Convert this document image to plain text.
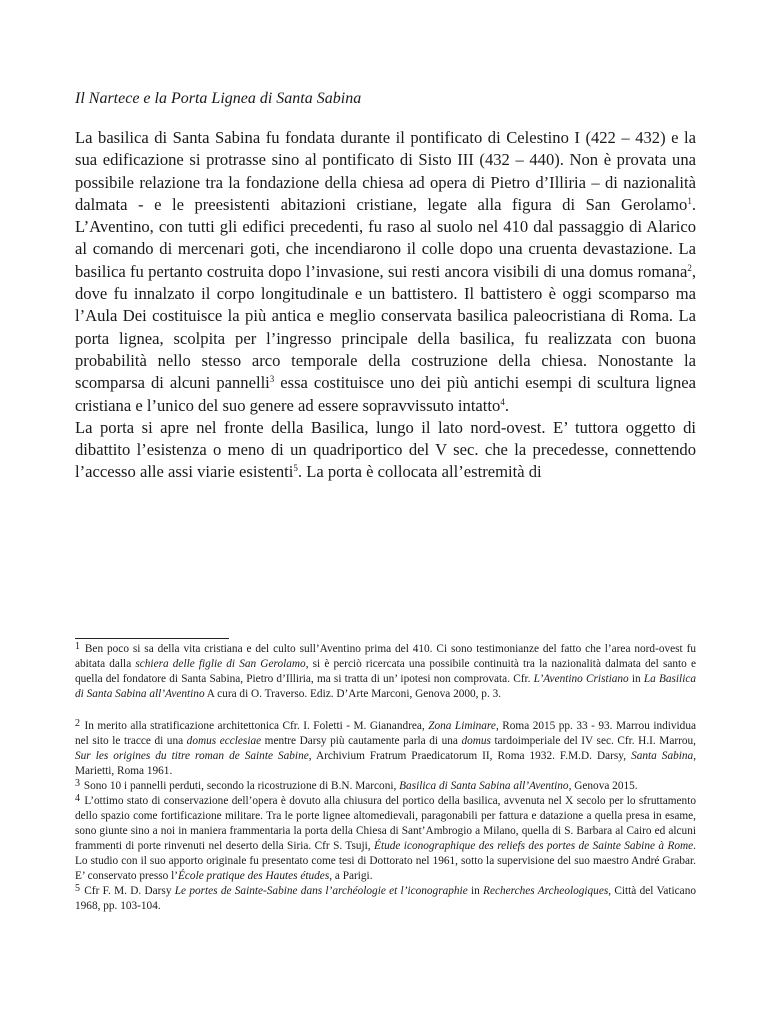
Il Nartece e la Porta Lignea di Santa Sabina

La basilica di Santa Sabina fu fondata durante il pontificato di Celestino I (422 – 432) e la sua edificazione si protrasse sino al pontificato di Sisto III (432 – 440). Non è provata una possibile relazione tra la fondazione della chiesa ad opera di Pietro d’Illiria – di nazionalità dalmata - e le preesistenti abitazioni cristiane, legate alla figura di San Gerolamo$^1$. L’Aventino, con tutti gli edifici precedenti, fu raso al suolo nel 410 dal passaggio di Alarico al comando di mercenari goti, che incendiarono il colle dopo una cruenta devastazione. La basilica fu pertanto costruita dopo l’invasione, sui resti ancora visibili di una domus romana$^2$, dove fu innalzato il corpo longitudinale e un battistero. Il battistero è oggi scomparso ma l’Aula Dei costituisce la più antica e meglio conservata basilica paleocristiana di Roma. La porta lignea, scolpita per l’ingresso principale della basilica, fu realizzata con buona probabilità nello stesso arco temporale della costruzione della chiesa. Nonostante la scomparsa di alcuni pannelli$^3$ essa costituisce uno dei più antichi esempi di scultura lignea cristiana e l’unico del suo genere ad essere sopravvissuto intatto$^4$.

La porta si apre nel fronte della Basilica, lungo il lato nord-ovest. E’ tuttora oggetto di dibattito l’esistenza o meno di un quadriportico del V sec. che la precedesse, connettendo l’accesso alle assi viarie esistenti$^5$. La porta è collocata all’estremità di

1 Ben poco si sa della vita cristiana e del culto sull’Aventino prima del 410. Ci sono testimonianze del fatto che l’area nord-ovest fu abitata dalla schiera delle figlie di San Gerolamo, si è perciò ricercata una possibile continuità tra la nazionalità dalmata del santo e quella del fondatore di Santa Sabina, Pietro d’Illiria, ma si tratta di un’ ipotesi non comprovata. Cfr. L’Aventino Cristiano in La Basilica di Santa Sabina all’Aventino A cura di O. Traverso. Ediz. D’Arte Marconi, Genova 2000, p. 3.

2 In merito alla stratificazione architettonica Cfr. I. Foletti - M. Gianandrea, Zona Liminare, Roma 2015 pp. 33 - 93. Marrou individua nel sito le tracce di una domus ecclesiae mentre Darsy più cautamente parla di una domus tardoimperiale del IV sec. Cfr. H.I. Marrou, Sur les origines du titre roman de Sainte Sabine, Archivium Fratrum Praedicatorum II, Roma 1932. F.M.D. Darsy, Santa Sabina, Marietti, Roma 1961.

3 Sono 10 i pannelli perduti, secondo la ricostruzione di B.N. Marconi, Basilica di Santa Sabina all’Aventino, Genova 2015.

4 L’ottimo stato di conservazione dell’opera è dovuto alla chiusura del portico della basilica, avvenuta nel X secolo per lo sfruttamento dello spazio come fortificazione militare. Tra le porte lignee altomedievali, paragonabili per fattura e datazione a quella presa in esame, sono giunte sino a noi in maniera frammentaria la porta della Chiesa di Sant’Ambrogio a Milano, quella di S. Barbara al Cairo ed alcuni frammenti di porte rinvenuti nel deserto della Siria. Cfr S. Tsuji, Étude iconographique des reliefs des portes de Sainte Sabine à Rome. Lo studio con il suo apporto originale fu presentato come tesi di Dottorato nel 1961, sotto la supervisione del suo maestro André Grabar. E’ conservato presso l’École pratique des Hautes études, a Parigi.

5 Cfr F. M. D. Darsy Le portes de Sainte-Sabine dans l’archéologie et l’iconographie in Recherches Archeologiques, Città del Vaticano 1968, pp. 103-104.
